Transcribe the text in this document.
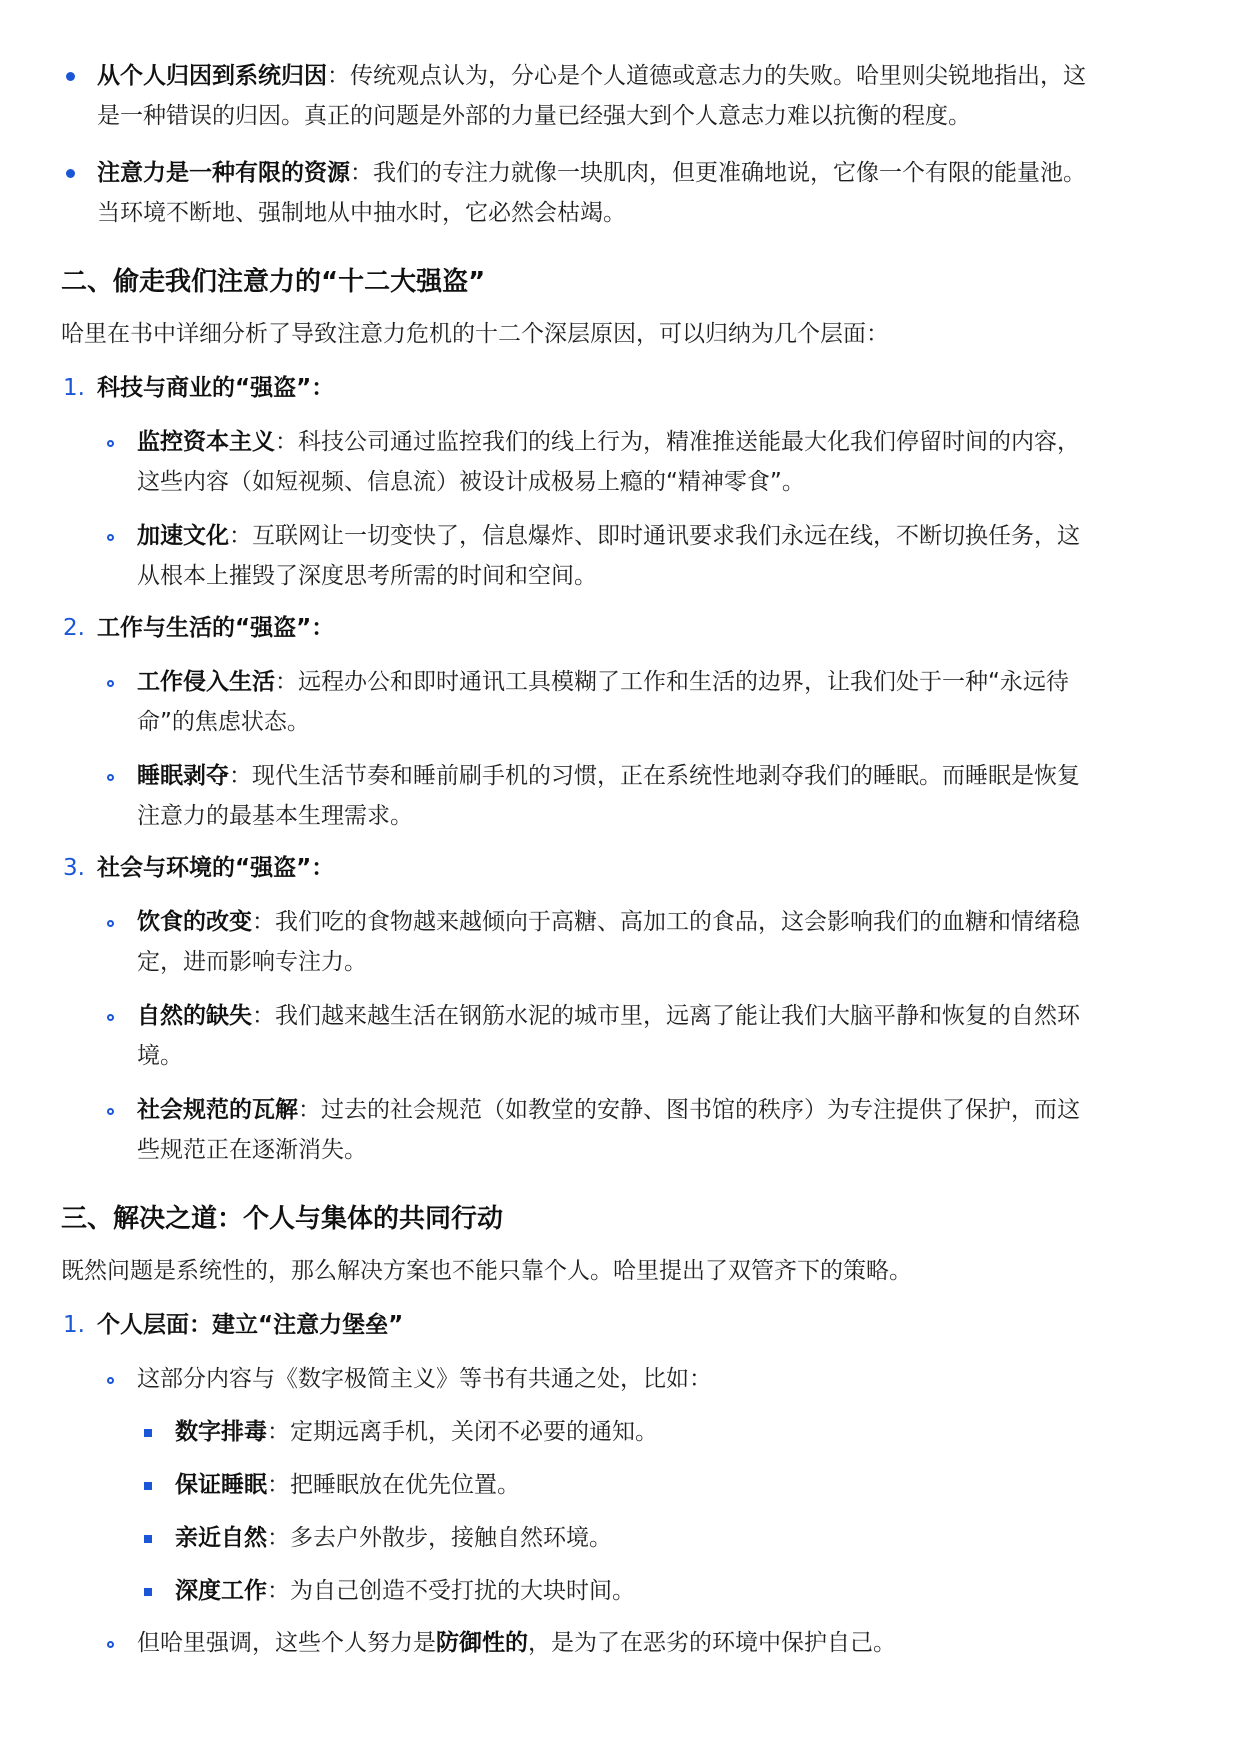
从个人归因到系统归因：传统观点认为，分心是个人道德或意志力的失败。哈里则尖锐地指出，这
是一种错误的归因。真正的问题是外部的力量已经强大到个人意志力难以抗衡的程度。
注意力是一种有限的资源：我们的专注力就像一块肌肉，但更准确地说，它像一个有限的能量池。
当环境不断地、强制地从中抽水时，它必然会枯竭。
二、偷走我们注意力的“十二大强盗”
哈里在书中详细分析了导致注意力危机的十二个深层原因，可以归纳为几个层面：
1. 科技与商业的“强盗”：
监控资本主义：科技公司通过监控我们的线上行为，精准推送能最大化我们停留时间的内容，
这些内容（如短视频、信息流）被设计成极易上瘾的“精神零食”。
加速文化：互联网让一切变快了，信息爆炸、即时通讯要求我们永远在线，不断切换任务，这
从根本上摧毁了深度思考所需的时间和空间。
2. 工作与生活的“强盗”：
工作侵入生活：远程办公和即时通讯工具模糊了工作和生活的边界，让我们处于一种“永远待
命”的焦虑状态。
睡眠剥夺：现代生活节奏和睡前刷手机的习惯，正在系统性地剥夺我们的睡眠。而睡眠是恢复
注意力的最基本生理需求。
3. 社会与环境的“强盗”：
饮食的改变：我们吃的食物越来越倾向于高糖、高加工的食品，这会影响我们的血糖和情绪稳
定，进而影响专注力。
自然的缺失：我们越来越生活在钢筋水泥的城市里，远离了能让我们大脑平静和恢复的自然环
境。
社会规范的瓦解：过去的社会规范（如教堂的安静、图书馆的秩序）为专注提供了保护，而这
些规范正在逐渐消失。
三、解决之道：个人与集体的共同行动
既然问题是系统性的，那么解决方案也不能只靠个人。哈里提出了双管齐下的策略。
1. 个人层面：建立“注意力堡垒”
这部分内容与《数字极简主义》等书有共通之处，比如：
数字排毒：定期远离手机，关闭不必要的通知。
保证睡眠：把睡眠放在优先位置。
亲近自然：多去户外散步，接触自然环境。
深度工作：为自己创造不受打扰的大块时间。
但哈里强调，这些个人努力是防御性的，是为了在恶劣的环境中保护自己。
